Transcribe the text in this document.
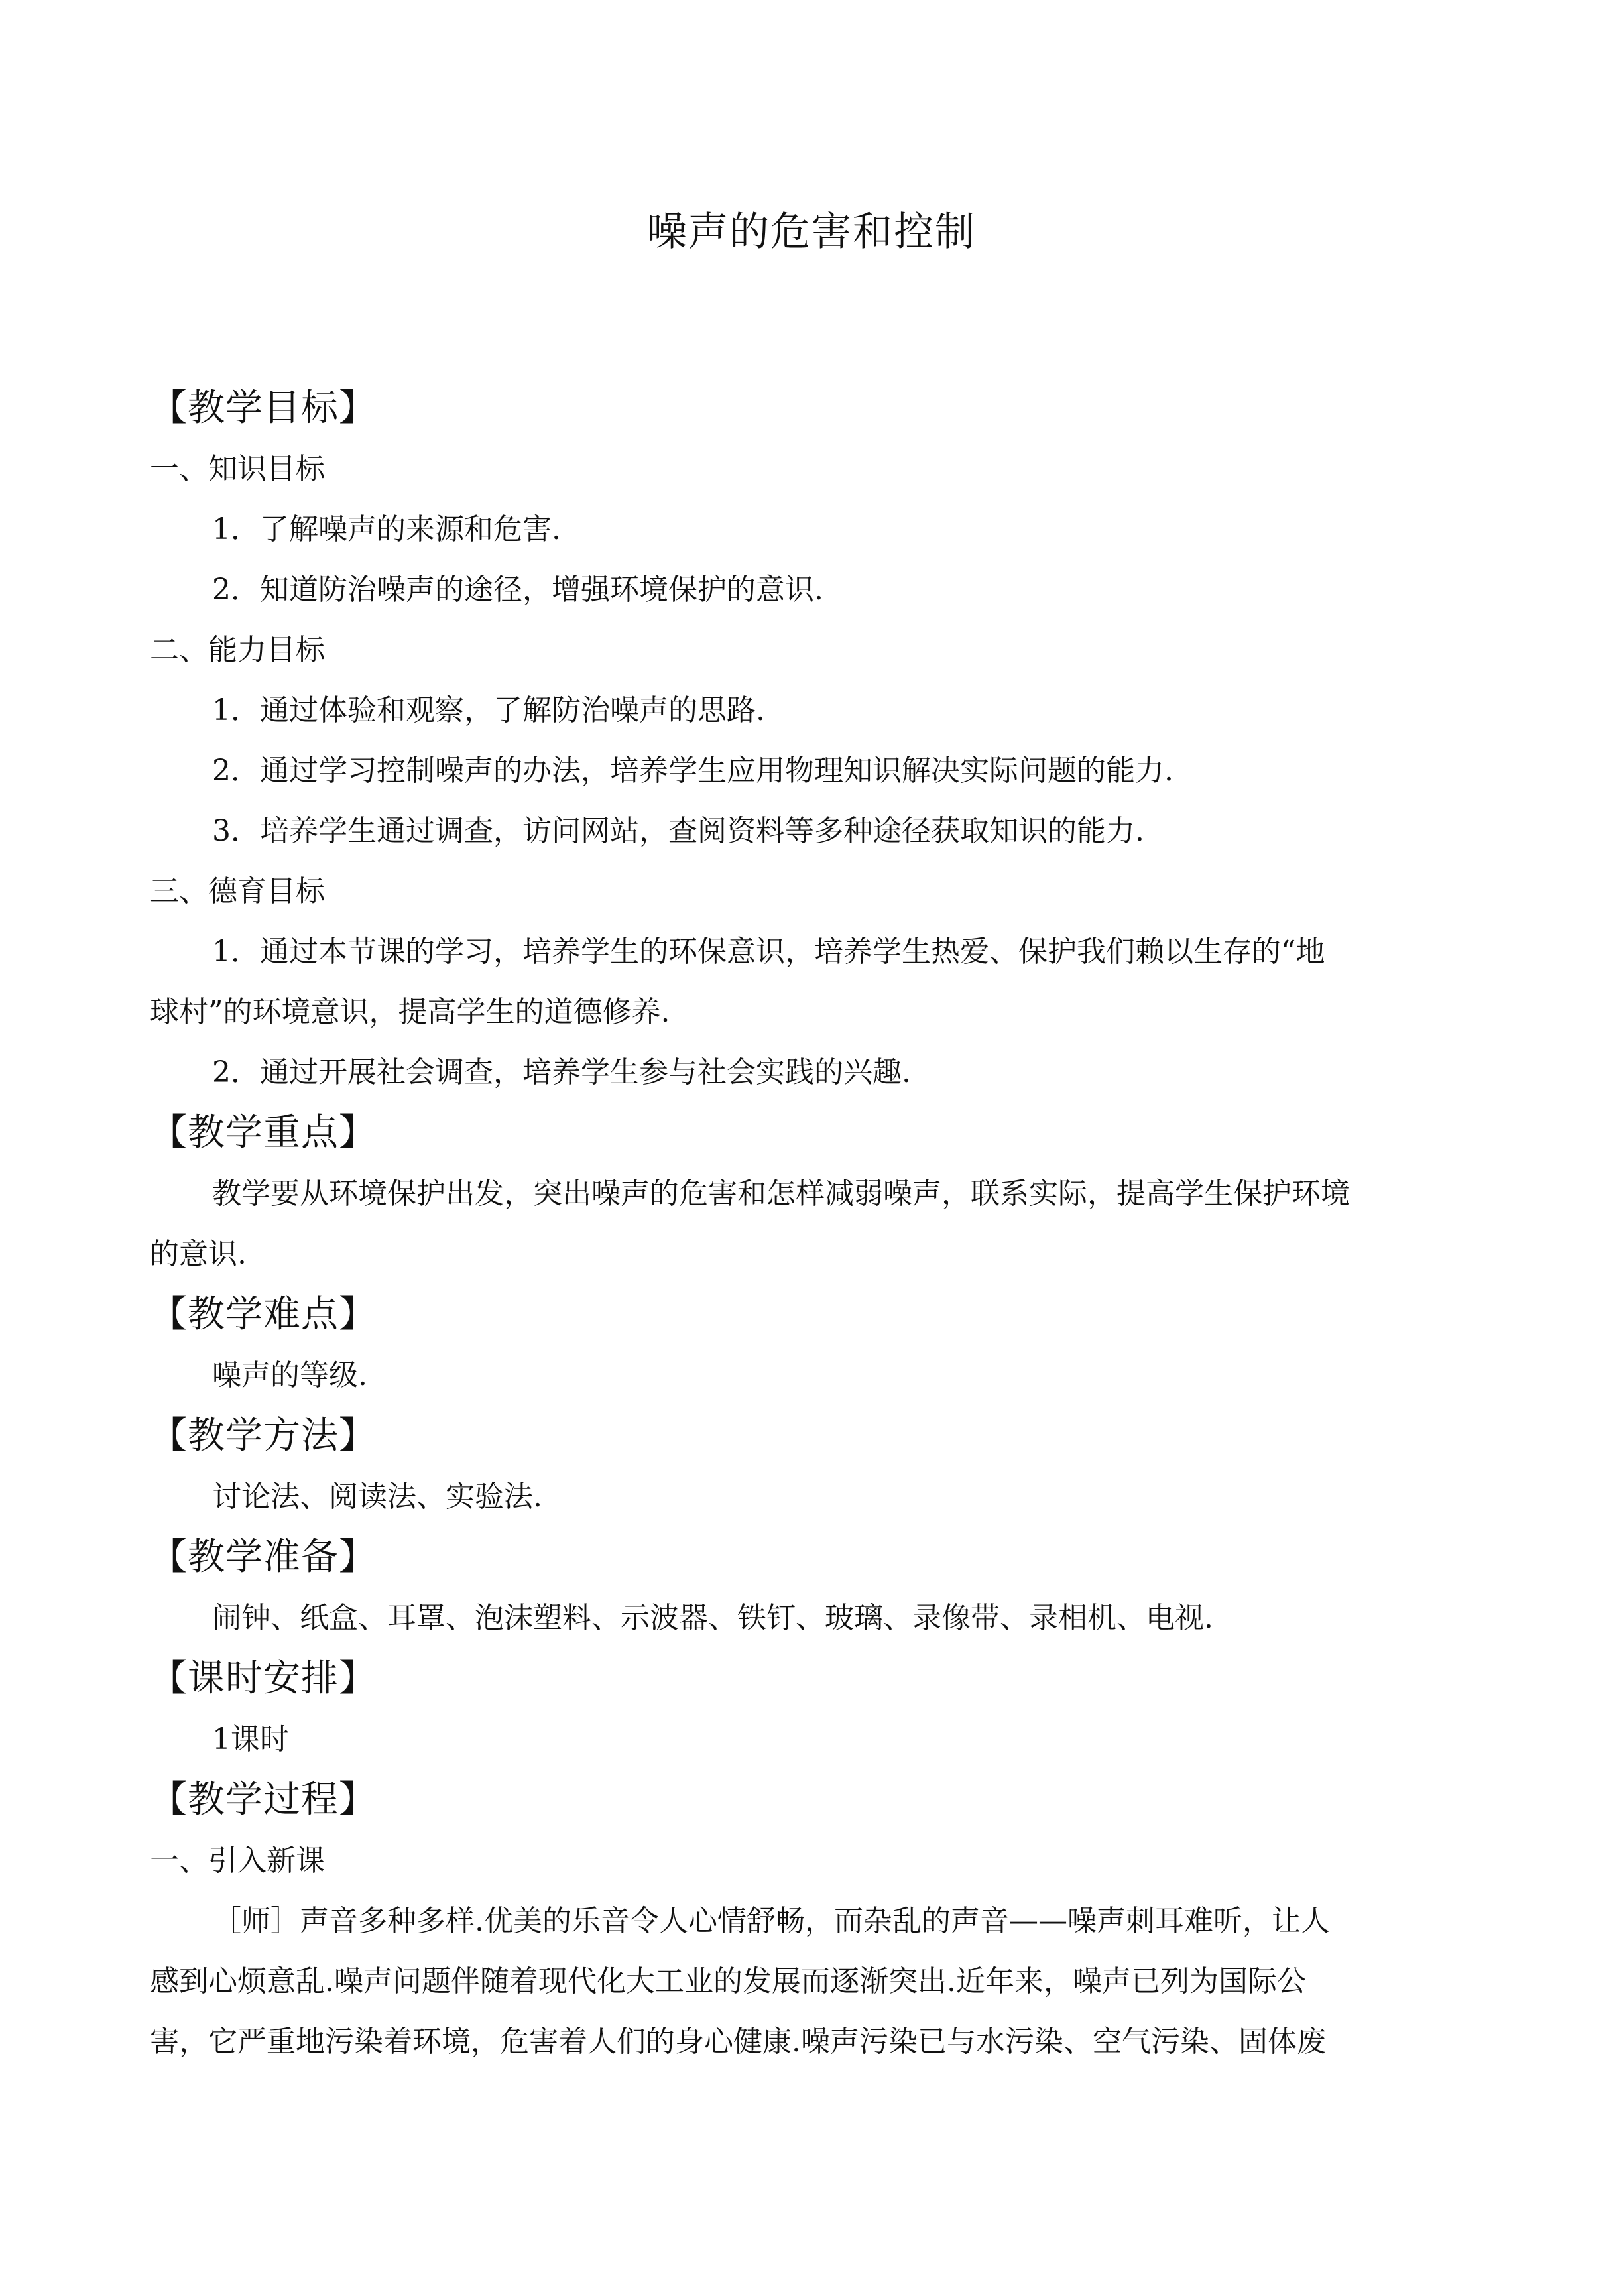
噪声的危害和控制
【教学目标】
一、知识目标
1．了解噪声的来源和危害.
2．知道防治噪声的途径，增强环境保护的意识.
二、能力目标
1．通过体验和观察，了解防治噪声的思路.
2．通过学习控制噪声的办法，培养学生应用物理知识解决实际问题的能力.
3．培养学生通过调查，访问网站，查阅资料等多种途径获取知识的能力.
三、德育目标
1．通过本节课的学习，培养学生的环保意识，培养学生热爱、保护我们赖以生存的“地
球村”的环境意识，提高学生的道德修养.
2．通过开展社会调查，培养学生参与社会实践的兴趣.
【教学重点】
教学要从环境保护出发，突出噪声的危害和怎样减弱噪声，联系实际，提高学生保护环境
的意识.
【教学难点】
噪声的等级.
【教学方法】
讨论法、阅读法、实验法.
【教学准备】
闹钟、纸盒、耳罩、泡沫塑料、示波器、铁钉、玻璃、录像带、录相机、电视.
【课时安排】
1课时
【教学过程】
一、引入新课
［师］声音多种多样.优美的乐音令人心情舒畅，而杂乱的声音——噪声刺耳难听，让人
感到心烦意乱.噪声问题伴随着现代化大工业的发展而逐渐突出.近年来，噪声已列为国际公
害，它严重地污染着环境，危害着人们的身心健康.噪声污染已与水污染、空气污染、固体废
